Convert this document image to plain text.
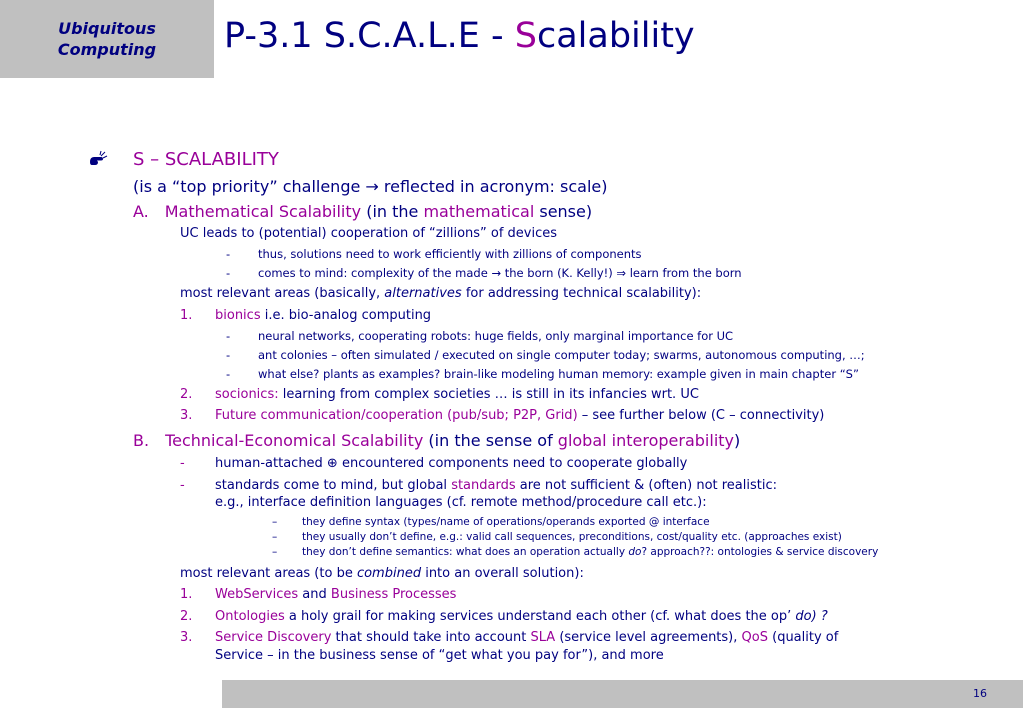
Ubiquitous
Computing P-3.1 S.C.A.L.E - Scalability
S – SCALABILITY
(is a “top priority” challenge → reflected in acronym: scale)
A. Mathematical Scalability (in the mathematical sense)
UC leads to (potential) cooperation of “zillions” of devices
- thus, solutions need to work efficiently with zillions of components
- comes to mind: complexity of the made → the born (K. Kelly!) ⇒ learn from the born
most relevant areas (basically, alternatives for addressing technical scalability):
1. bionics i.e. bio-analog computing
- neural networks, cooperating robots: huge fields, only marginal importance for UC
- ant colonies – often simulated / executed on single computer today; swarms, autonomous computing, …;
- what else? plants as examples? brain-like modeling human memory: example given in main chapter “S”
2. socionics: learning from complex societies … is still in its infancies wrt. UC
3. Future communication/cooperation (pub/sub; P2P, Grid) – see further below (C – connectivity)
B. Technical-Economical Scalability (in the sense of global interoperability)
- human-attached ⊕ encountered components need to cooperate globally
- standards come to mind, but global standards are not sufficient & (often) not realistic:
e.g., interface definition languages (cf. remote method/procedure call etc.):
– they define syntax (types/name of operations/operands exported @ interface
– they usually don’t define, e.g.: valid call sequences, preconditions, cost/quality etc. (approaches exist)
– they don’t define semantics: what does an operation actually do? approach??: ontologies & service discovery
most relevant areas (to be combined into an overall solution):
1. WebServices and Business Processes
2. Ontologies a holy grail for making services understand each other (cf. what does the op’ do) ?
3. Service Discovery that should take into account SLA (service level agreements), QoS (quality of
Service – in the business sense of “get what you pay for”), and more
16
